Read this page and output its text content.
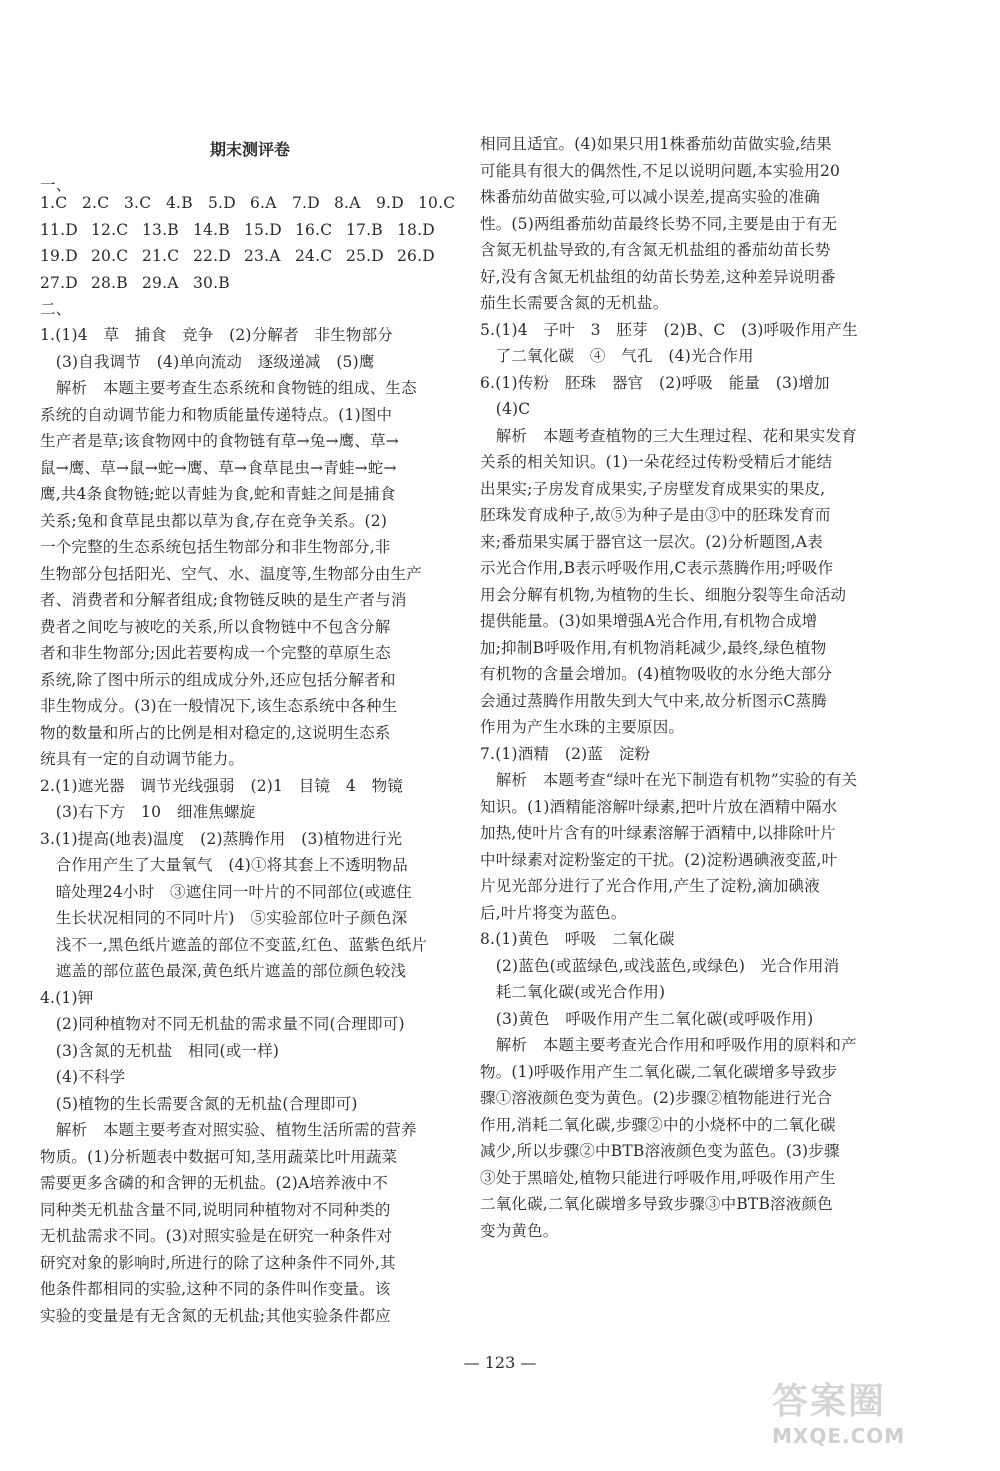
期末测评卷
一、
1.C 2.C 3.C 4.B 5.D 6.A 7.D 8.A 9.D 10.C
11.D 12.C 13.B 14.B 15.D 16.C 17.B 18.D
19.D 20.C 21.C 22.D 23.A 24.C 25.D 26.D
27.D 28.B 29.A 30.B
二、
1.(1)4　草　捕食　竞争　(2)分解者　非生物部分
　(3)自我调节　(4)单向流动　逐级递减　(5)鹰
　解析　本题主要考查生态系统和食物链的组成、生态
系统的自动调节能力和物质能量传递特点。(1)图中
生产者是草;该食物网中的食物链有草→兔→鹰、草→
鼠→鹰、草→鼠→蛇→鹰、草→食草昆虫→青蛙→蛇→
鹰,共4条食物链;蛇以青蛙为食,蛇和青蛙之间是捕食
关系;兔和食草昆虫都以草为食,存在竞争关系。(2)
一个完整的生态系统包括生物部分和非生物部分,非
生物部分包括阳光、空气、水、温度等,生物部分由生产
者、消费者和分解者组成;食物链反映的是生产者与消
费者之间吃与被吃的关系,所以食物链中不包含分解
者和非生物部分;因此若要构成一个完整的草原生态
系统,除了图中所示的组成成分外,还应包括分解者和
非生物成分。(3)在一般情况下,该生态系统中各种生
物的数量和所占的比例是相对稳定的,这说明生态系
统具有一定的自动调节能力。
2.(1)遮光器　调节光线强弱　(2)1　目镜　4　物镜
　(3)右下方　10　细准焦螺旋
3.(1)提高(地表)温度　(2)蒸腾作用　(3)植物进行光
　合作用产生了大量氧气　(4)①将其套上不透明物品
　暗处理24小时　③遮住同一叶片的不同部位(或遮住
　生长状况相同的不同叶片)　⑤实验部位叶子颜色深
　浅不一,黑色纸片遮盖的部位不变蓝,红色、蓝紫色纸片
　遮盖的部位蓝色最深,黄色纸片遮盖的部位颜色较浅
4.(1)钾
　(2)同种植物对不同无机盐的需求量不同(合理即可)
　(3)含氮的无机盐　相同(或一样)
　(4)不科学
　(5)植物的生长需要含氮的无机盐(合理即可)
　解析　本题主要考查对照实验、植物生活所需的营养
物质。(1)分析题表中数据可知,茎用蔬菜比叶用蔬菜
需要更多含磷的和含钾的无机盐。(2)A培养液中不
同种类无机盐含量不同,说明同种植物对不同种类的
无机盐需求不同。(3)对照实验是在研究一种条件对
研究对象的影响时,所进行的除了这种条件不同外,其
他条件都相同的实验,这种不同的条件叫作变量。该
实验的变量是有无含氮的无机盐;其他实验条件都应
相同且适宜。(4)如果只用1株番茄幼苗做实验,结果
可能具有很大的偶然性,不足以说明问题,本实验用20
株番茄幼苗做实验,可以减小误差,提高实验的准确
性。(5)两组番茄幼苗最终长势不同,主要是由于有无
含氮无机盐导致的,有含氮无机盐组的番茄幼苗长势
好,没有含氮无机盐组的幼苗长势差,这种差异说明番
茄生长需要含氮的无机盐。
5.(1)4　子叶　3　胚芽　(2)B、C　(3)呼吸作用产生
　了二氧化碳　④　气孔　(4)光合作用
6.(1)传粉　胚珠　器官　(2)呼吸　能量　(3)增加
　(4)C
　解析　本题考查植物的三大生理过程、花和果实发育
关系的相关知识。(1)一朵花经过传粉受精后才能结
出果实;子房发育成果实,子房壁发育成果实的果皮,
胚珠发育成种子,故⑤为种子是由③中的胚珠发育而
来;番茄果实属于器官这一层次。(2)分析题图,A表
示光合作用,B表示呼吸作用,C表示蒸腾作用;呼吸作
用会分解有机物,为植物的生长、细胞分裂等生命活动
提供能量。(3)如果增强A光合作用,有机物合成增
加;抑制B呼吸作用,有机物消耗减少,最终,绿色植物
有机物的含量会增加。(4)植物吸收的水分绝大部分
会通过蒸腾作用散失到大气中来,故分析图示C蒸腾
作用为产生水珠的主要原因。
7.(1)酒精　(2)蓝　淀粉
　解析　本题考查“绿叶在光下制造有机物”实验的有关
知识。(1)酒精能溶解叶绿素,把叶片放在酒精中隔水
加热,使叶片含有的叶绿素溶解于酒精中,以排除叶片
中叶绿素对淀粉鉴定的干扰。(2)淀粉遇碘液变蓝,叶
片见光部分进行了光合作用,产生了淀粉,滴加碘液
后,叶片将变为蓝色。
8.(1)黄色　呼吸　二氧化碳
　(2)蓝色(或蓝绿色,或浅蓝色,或绿色)　光合作用消
　耗二氧化碳(或光合作用)
　(3)黄色　呼吸作用产生二氧化碳(或呼吸作用)
　解析　本题主要考查光合作用和呼吸作用的原料和产
物。(1)呼吸作用产生二氧化碳,二氧化碳增多导致步
骤①溶液颜色变为黄色。(2)步骤②植物能进行光合
作用,消耗二氧化碳,步骤②中的小烧杯中的二氧化碳
减少,所以步骤②中BTB溶液颜色变为蓝色。(3)步骤
③处于黑暗处,植物只能进行呼吸作用,呼吸作用产生
二氧化碳,二氧化碳增多导致步骤③中BTB溶液颜色
变为黄色。
— 123 —
答案圈
MXQE.COM
